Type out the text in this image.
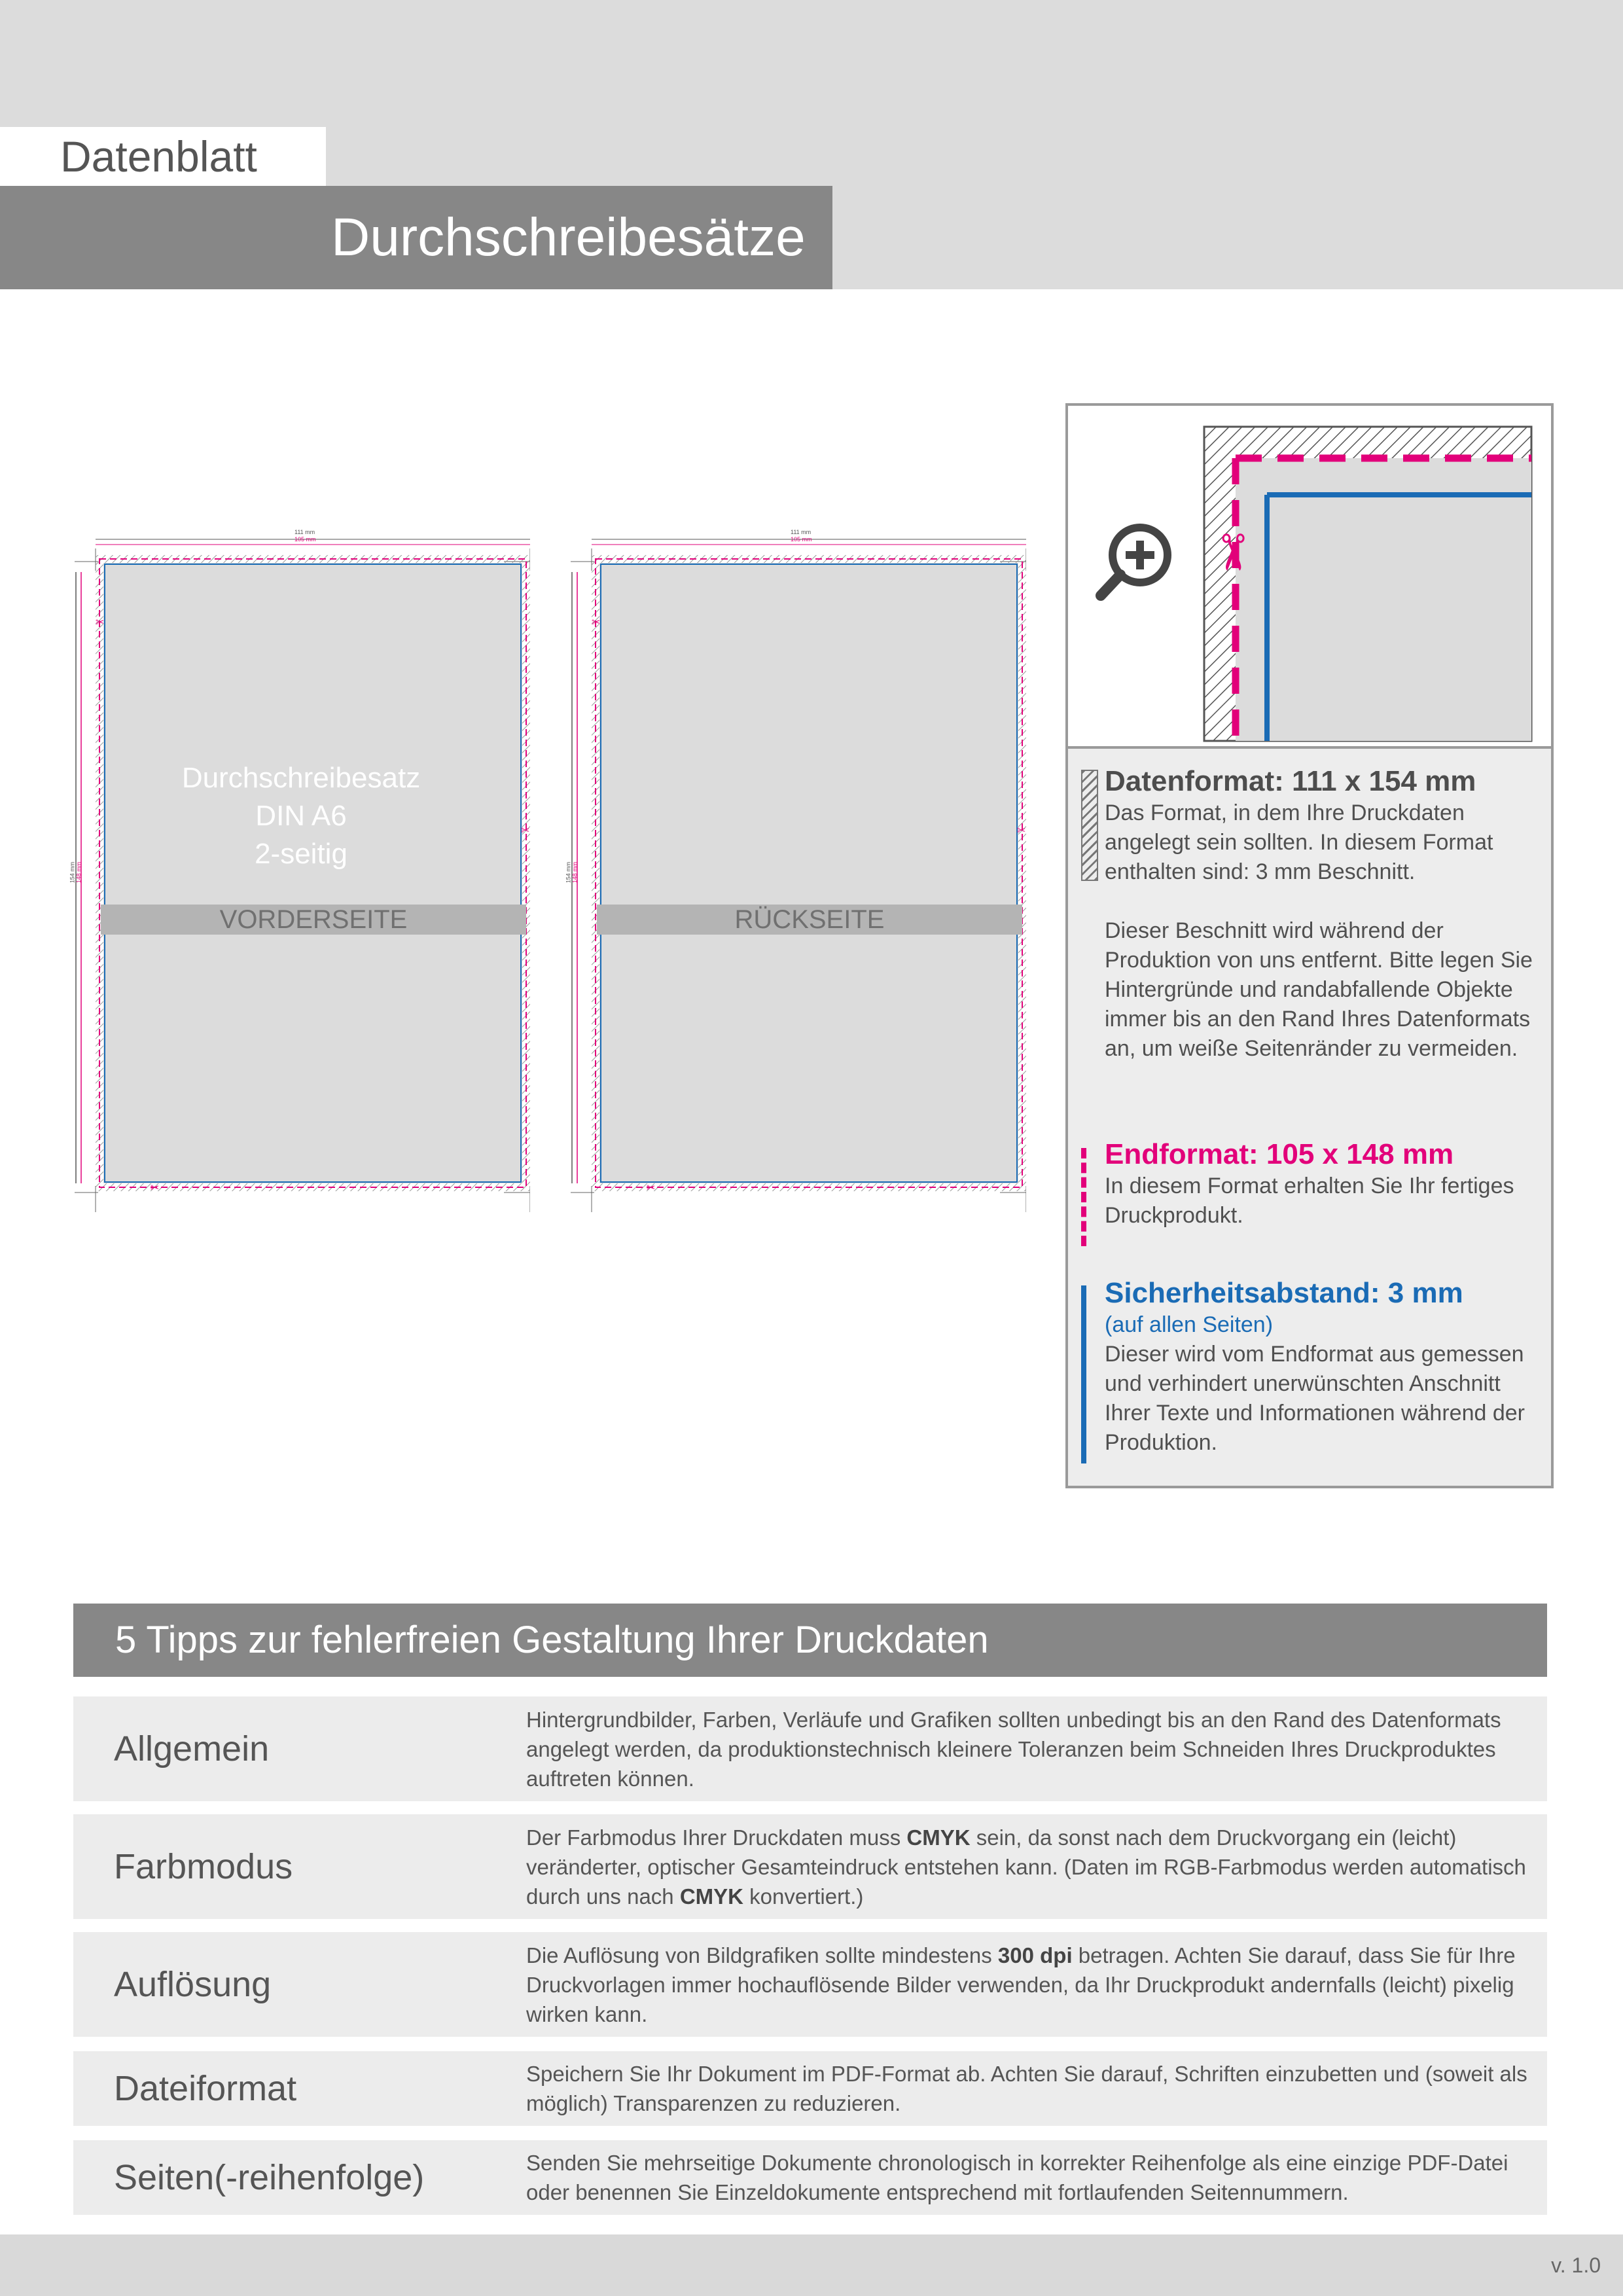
Datenblatt
Durchschreibesätze
✂
✂
✂
111 mm
105 mm
154 mm 148 mm
Durchschreibesatz
DIN A6
2-seitig
VORDERSEITE
✂
✂
✂
111 mm
105 mm
154 mm 148 mm
RÜCKSEITE
✂
Datenformat: 111 x 154 mm
Das Format, in dem Ihre Druckdaten angelegt sein sollten. In diesem Format enthalten sind: 3 mm Beschnitt.
Dieser Beschnitt wird während der Produktion von uns entfernt. Bitte legen Sie Hintergründe und randabfallende Objekte immer bis an den Rand Ihres Datenformats an, um weiße Seitenränder zu vermeiden.
Endformat: 105 x 148 mm
In diesem Format erhalten Sie Ihr fertiges Druckprodukt.
Sicherheitsabstand: 3 mm
(auf allen Seiten)
Dieser wird vom Endformat aus gemessen und verhindert unerwünschten Anschnitt Ihrer Texte und Informationen während der Produktion.
5 Tipps zur fehlerfreien Gestaltung Ihrer Druckdaten
Allgemein
Hintergrundbilder, Farben, Verläufe und Grafiken sollten unbedingt bis an den Rand des Datenformats angelegt werden, da produktionstechnisch kleinere Toleranzen beim Schneiden Ihres Druckproduktes auftreten können.
Farbmodus
Der Farbmodus Ihrer Druckdaten muss CMYK sein, da sonst nach dem Druckvorgang ein (leicht) veränderter, optischer Gesamteindruck entstehen kann. (Daten im RGB-Farbmodus werden automatisch durch uns nach CMYK konvertiert.)
Auflösung
Die Auflösung von Bildgrafiken sollte mindestens 300 dpi betragen. Achten Sie darauf, dass Sie für Ihre Druckvorlagen immer hochauflösende Bilder verwenden, da Ihr Druckprodukt andernfalls (leicht) pixelig wirken kann.
Dateiformat	Speichern Sie Ihr Dokument im PDF-Format ab. Achten Sie darauf, Schriften einzubetten und (soweit als möglich) Transparenzen zu reduzieren.
Seiten(-reihenfolge)	Senden Sie mehrseitige Dokumente chronologisch in korrekter Reihenfolge als eine einzige PDF-Datei oder benennen Sie Einzeldokumente entsprechend mit fortlaufenden Seitennummern.
v. 1.0
